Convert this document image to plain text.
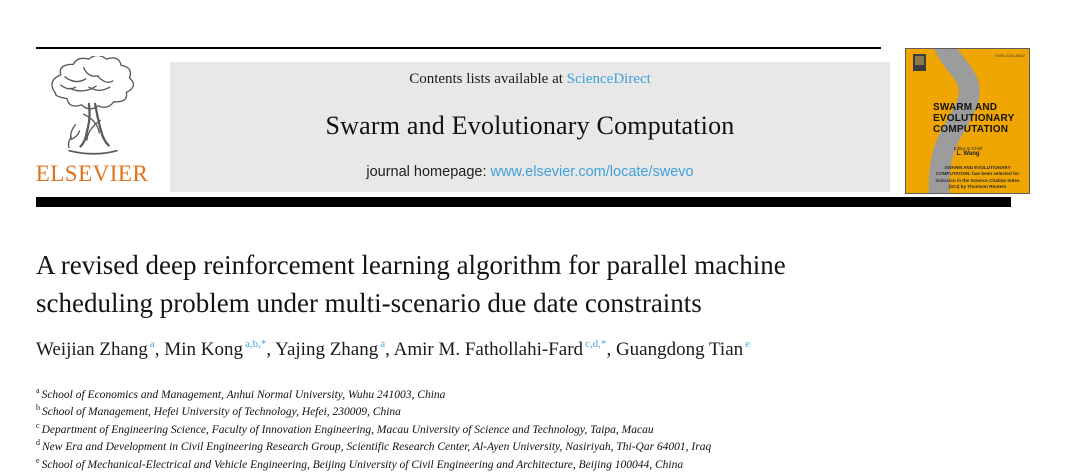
ELSEVIER
Contents lists available at ScienceDirect
Swarm and Evolutionary Computation
journal homepage: www.elsevier.com/locate/swevo
ISSN 2210-6502
SWARM AND
EVOLUTIONARY
COMPUTATION
Editor-in-Chief
L. Wang
SWARM AND EVOLUTIONARY COMPUTATION: has been selected for inclusion in the Science Citation Index (SCI) by Thomson Reuters
A revised deep reinforcement learning algorithm for parallel machine
scheduling problem under multi-scenario due date constraints
Weijian Zhang $^a$, Min Kong $^{a,b,*}$, Yajing Zhang $^a$, Amir M. Fathollahi-Fard $^{c,d,*}$, Guangdong Tian $^e$
$^a$ School of Economics and Management, Anhui Normal University, Wuhu 241003, China
$^b$ School of Management, Hefei University of Technology, Hefei, 230009, China
$^c$ Department of Engineering Science, Faculty of Innovation Engineering, Macau University of Science and Technology, Taipa, Macau
$^d$ New Era and Development in Civil Engineering Research Group, Scientific Research Center, Al-Ayen University, Nasiriyah, Thi-Qar 64001, Iraq
$^e$ School of Mechanical-Electrical and Vehicle Engineering, Beijing University of Civil Engineering and Architecture, Beijing 100044, China
